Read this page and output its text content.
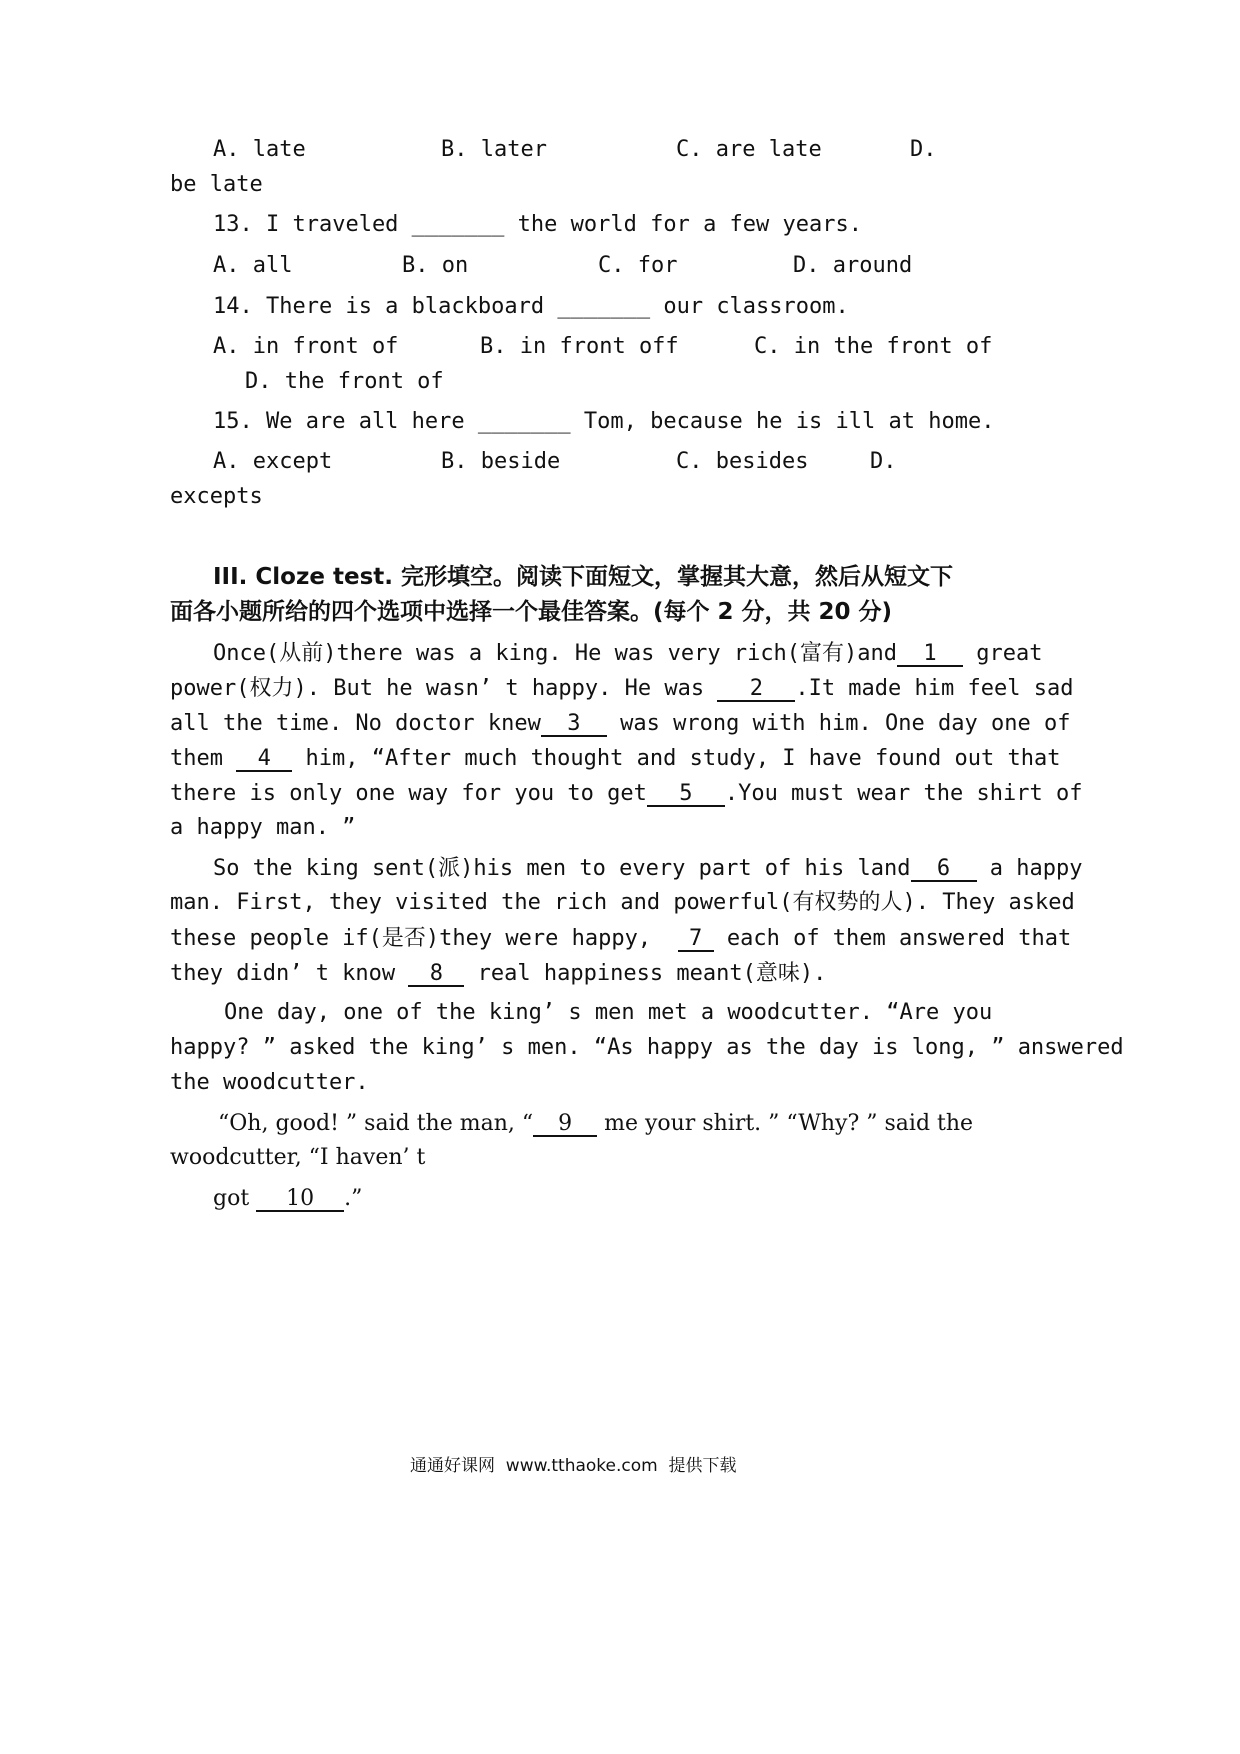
A. late	B. later	C. are late	D.
be late
13. I traveled _______ the world for a few years.
A. all	B. on	C. for	D. around
14. There is a blackboard _______ our classroom.
A. in front of	B. in front off	C. in the front of
D. the front of
15. We are all here _______ Tom, because he is ill at home.
A. except	B. beside	C. besides	D.
excepts
III. Cloze test. 完形填空。阅读下面短文，掌握其大意，然后从短文下
面各小题所给的四个选项中选择一个最佳答案。(每个 2 分，共 20 分)
Once(从前)there was a king. He was very rich(富有)and 1 great
power(权力). But he wasn’ t happy. He was 2 .It made him feel sad
all the time. No doctor knew 3 was wrong with him. One day one of
them 4 him, “After much thought and study, I have found out that
there is only one way for you to get 5 .You must wear the shirt of
a happy man. ”
So the king sent(派)his men to every part of his land 6 a happy
man. First, they visited the rich and powerful(有权势的人). They asked
these people if(是否)they were happy, 7 each of them answered that
they didn’ t know 8 real happiness meant(意味).
One day, one of the king’ s men met a woodcutter. “Are you
happy? ” asked the king’ s men. “As happy as the day is long, ” answered
the woodcutter.
“Oh, good! ” said the man, “ 9 me your shirt. ” “Why? ” said the
woodcutter, “I haven’ t
got 10 .”
通通好课网  www.tthaoke.com  提供下载
